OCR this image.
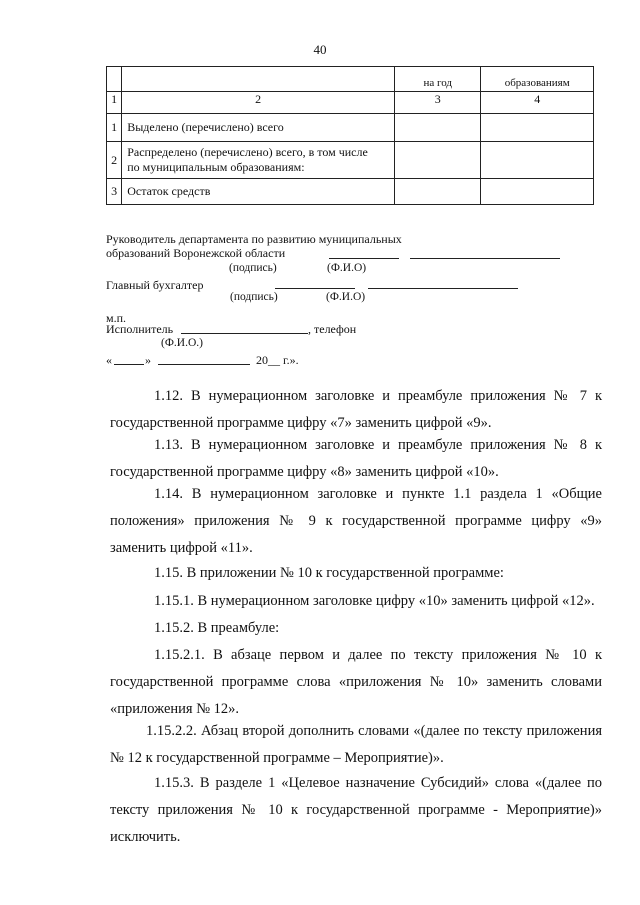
40
		на год	образованиям
1	2	3	4
1	Выделено (перечислено) всего		
2	Распределено (перечислено) всего, в том числе
по муниципальным образованиям:		

3	Остаток средств		
Руководитель департамента по развитию муниципальных
образований Воронежской области
(подпись)	(Ф.И.О)
Главный бухгалтер
(подпись)	(Ф.И.О)
м.п.
Исполнитель	, телефон
(Ф.И.О.)
«	»	20__ г.».
1.12. В нумерационном заголовке и преамбуле приложения № 7 к
государственной программе цифру «7» заменить цифрой «9».
1.13. В нумерационном заголовке и преамбуле приложения № 8 к
государственной программе цифру «8» заменить цифрой «10».
1.14. В нумерационном заголовке и пункте 1.1 раздела 1 «Общие
положения» приложения № 9 к государственной программе цифру «9»
заменить цифрой «11».
1.15. В приложении № 10 к государственной программе:
1.15.1. В нумерационном заголовке цифру «10» заменить цифрой «12».
1.15.2. В преамбуле:
1.15.2.1. В абзаце первом и далее по тексту приложения № 10 к
государственной программе слова «приложения № 10» заменить словами
«приложения № 12».
1.15.2.2. Абзац второй дополнить словами «(далее по тексту приложения
№ 12 к государственной программе – Мероприятие)».
1.15.3. В разделе 1 «Целевое назначение Субсидий» слова «(далее по
тексту приложения № 10 к государственной программе - Мероприятие)»
исключить.
